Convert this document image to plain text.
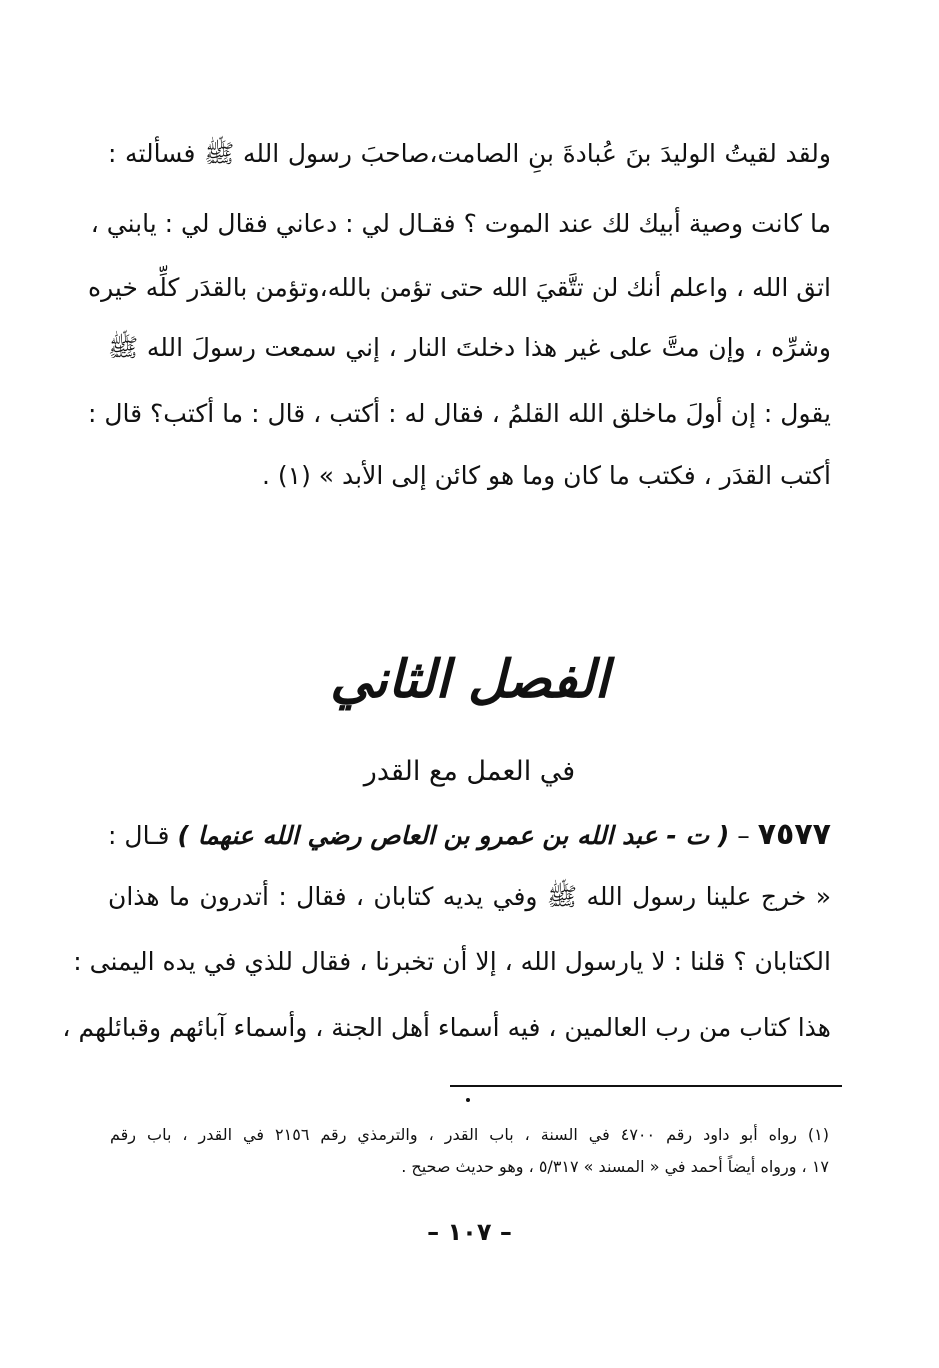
ولقد لقيتُ الوليدَ بنَ عُبادةَ بنِ الصامت،صاحبَ رسول الله ﷺ فسألته :
ما كانت وصية أبيك لك عند الموت ؟ فقـال لي : دعاني فقال لي : يابني ،
اتق الله ، واعلم أنك لن تتَّقيَ الله حتى تؤمن بالله،وتؤمن بالقدَر كلِّه خيره
وشرِّه ، وإن متَّ على غير هذا دخلتَ النار ، إني سمعت رسولَ الله ﷺ
يقول : إن أولَ ماخلق الله القلمُ ، فقال له : أكتب ، قال : ما أكتب؟ قال :
أكتب القدَر ، فكتب ما كان وما هو كائن إلى الأبد » (١) .
الفصل الثاني
في العمل مع القدر
٧٥٧٧ – ( ت - عبد الله بن عمرو بن العاص رضي الله عنهما ) قـال :
« خرج علينا رسول الله ﷺ وفي يديه كتابان ، فقال : أتدرون ما هذان
الكتابان ؟ قلنا : لا يارسول الله ، إلا أن تخبرنا ، فقال للذي في يده اليمنى :
هذا كتاب من رب العالمين ، فيه أسماء أهل الجنة ، وأسماء آبائهم وقبائلهم ،
(١) رواه أبو داود رقم ٤٧٠٠ في السنة ، باب القدر ، والترمذي رقم ٢١٥٦ في القدر ، باب رقم
١٧ ، ورواه أيضاً أحمد في « المسند » ٥/٣١٧ ، وهو حديث صحيح .
– ١٠٧ –
